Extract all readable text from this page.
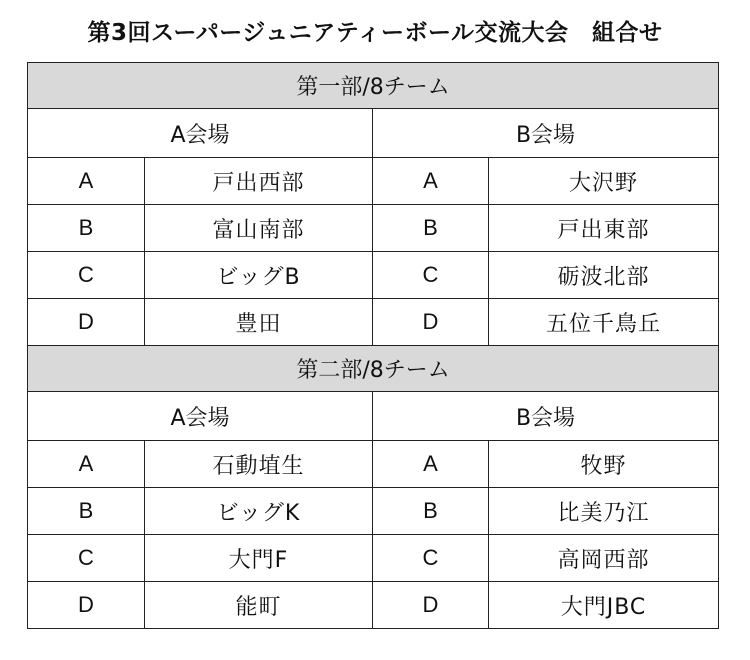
第3回スーパージュニアティーボール交流大会　組合せ
第一部/8チーム			
A会場		B会場	
A	戸出西部	A	大沢野
B	富山南部	B	戸出東部
C	ビッグB	C	砺波北部
D	豊田	D	五位千鳥丘
第二部/8チーム			
A会場		B会場	
A	石動埴生	A	牧野
B	ビッグK	B	比美乃江
C	大門F	C	高岡西部
D	能町	D	大門JBC
